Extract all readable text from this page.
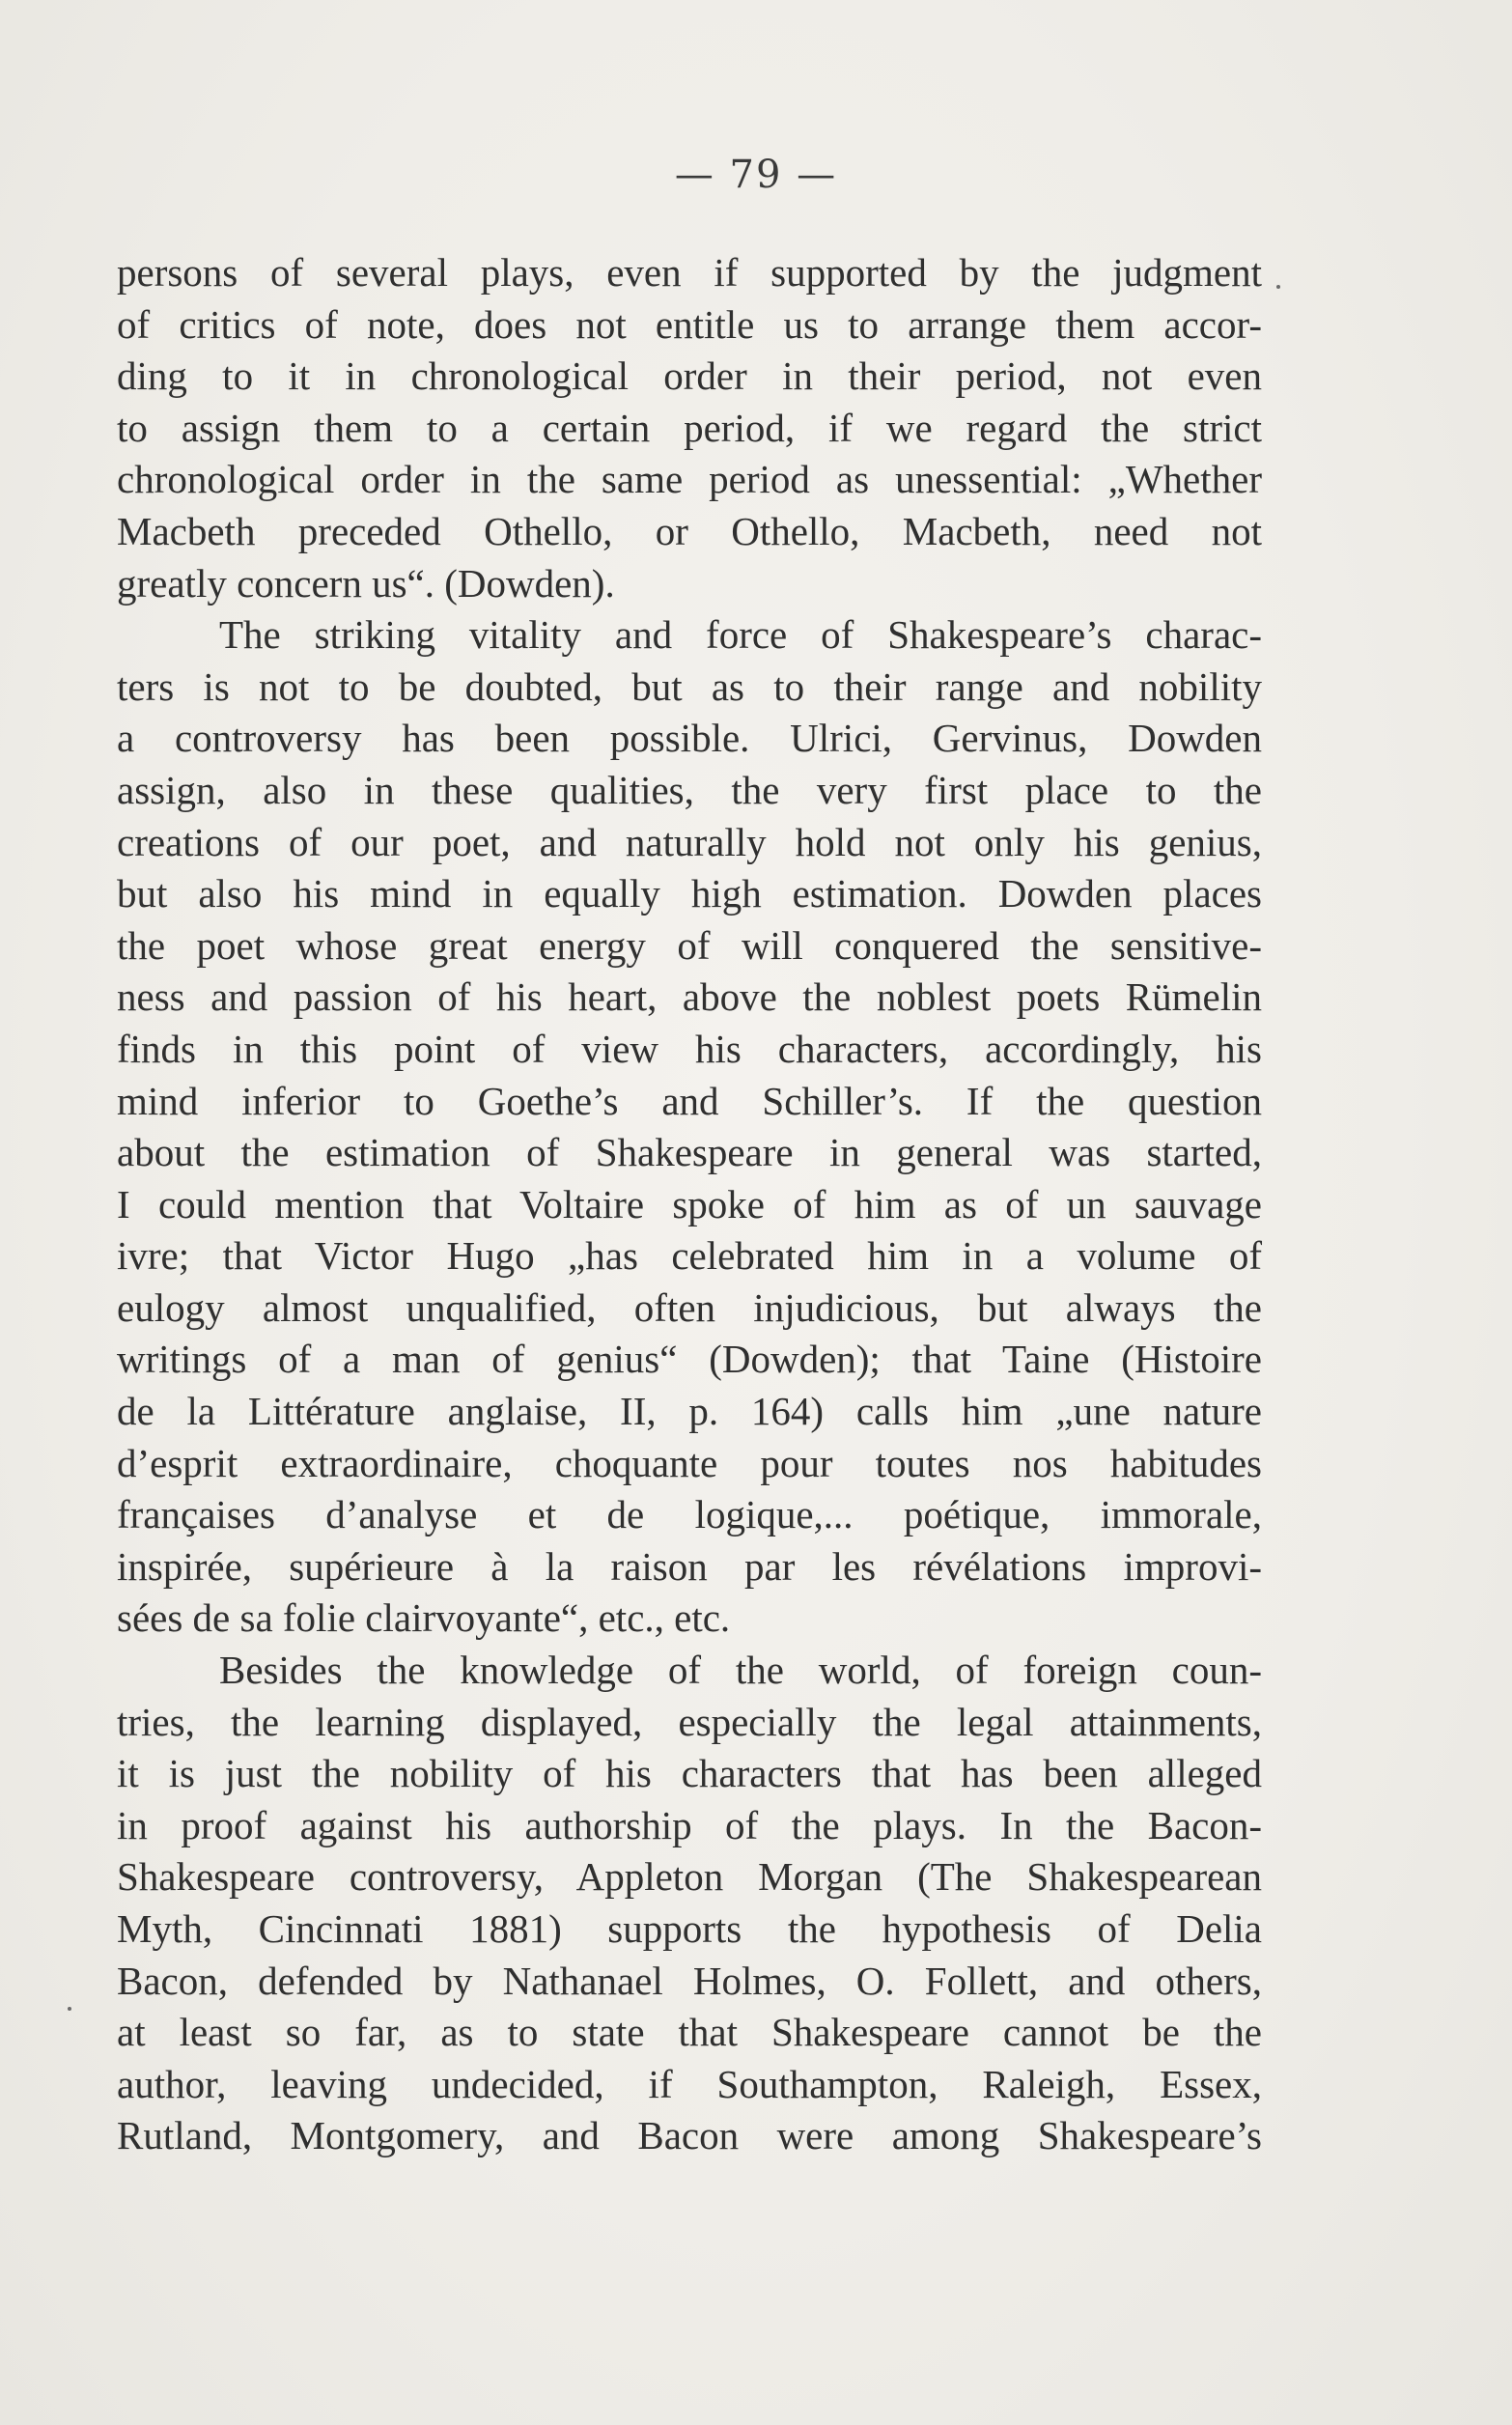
— 79 —
persons of several plays, even if supported by the judgment
of critics of note, does not entitle us to arrange them accor-
ding to it in chronological order in their period, not even
to assign them to a certain period, if we regard the strict
chronological order in the same period as unessential: „Whether
Macbeth preceded Othello, or Othello, Macbeth, need not
greatly concern us“. (Dowden).
The striking vitality and force of Shakespeare’s charac-
ters is not to be doubted, but as to their range and nobility
a controversy has been possible. Ulrici, Gervinus, Dowden
assign, also in these qualities, the very first place to the
creations of our poet, and naturally hold not only his genius,
but also his mind in equally high estimation. Dowden places
the poet whose great energy of will conquered the sensitive-
ness and passion of his heart, above the noblest poets Rümelin
finds in this point of view his characters, accordingly, his
mind inferior to Goethe’s and Schiller’s. If the question
about the estimation of Shakespeare in general was started,
I could mention that Voltaire spoke of him as of un sauvage
ivre; that Victor Hugo „has celebrated him in a volume of
eulogy almost unqualified, often injudicious, but always the
writings of a man of genius“ (Dowden); that Taine (Histoire
de la Littérature anglaise, II, p. 164) calls him „une nature
d’esprit extraordinaire, choquante pour toutes nos habitudes
françaises d’analyse et de logique,... poétique, immorale,
inspirée, supérieure à la raison par les révélations improvi-
sées de sa folie clairvoyante“, etc., etc.
Besides the knowledge of the world, of foreign coun-
tries, the learning displayed, especially the legal attainments,
it is just the nobility of his characters that has been alleged
in proof against his authorship of the plays. In the Bacon-
Shakespeare controversy, Appleton Morgan (The Shakespearean
Myth, Cincinnati 1881) supports the hypothesis of Delia
Bacon, defended by Nathanael Holmes, O. Follett, and others,
at least so far, as to state that Shakespeare cannot be the
author, leaving undecided, if Southampton, Raleigh, Essex,
Rutland, Montgomery, and Bacon were among Shakespeare’s
